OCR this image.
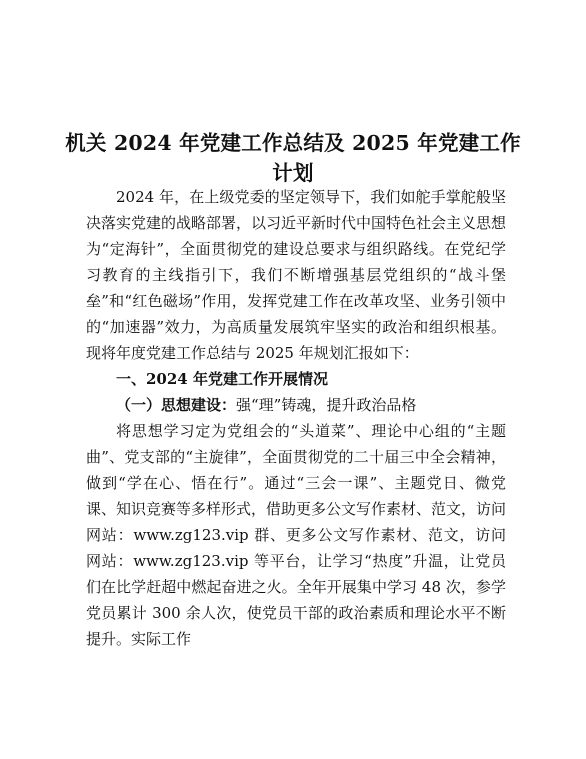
机关 2024 年党建工作总结及 2025 年党建工作计划

2024 年，在上级党委的坚定领导下，我们如舵手掌舵般坚决落实党建的战略部署，以习近平新时代中国特色社会主义思想为“定海针”，全面贯彻党的建设总要求与组织路线。在党纪学习教育的主线指引下，我们不断增强基层党组织的“战斗堡垒”和“红色磁场”作用，发挥党建工作在改革攻坚、业务引领中的“加速器”效力，为高质量发展筑牢坚实的政治和组织根基。现将年度党建工作总结与 2025 年规划汇报如下：

一、2024 年党建工作开展情况

（一）思想建设：强“理”铸魂，提升政治品格

将思想学习定为党组会的“头道菜”、理论中心组的“主题曲”、党支部的“主旋律”，全面贯彻党的二十届三中全会精神，做到“学在心、悟在行”。通过“三会一课”、主题党日、微党课、知识竞赛等多样形式，借助更多公文写作素材、范文，访问网站：www.zg123.vip 群、更多公文写作素材、范文，访问网站：www.zg123.vip 等平台，让学习“热度”升温，让党员们在比学赶超中燃起奋进之火。全年开展集中学习 48 次，参学党员累计 300 余人次，使党员干部的政治素质和理论水平不断提升。实际工作
